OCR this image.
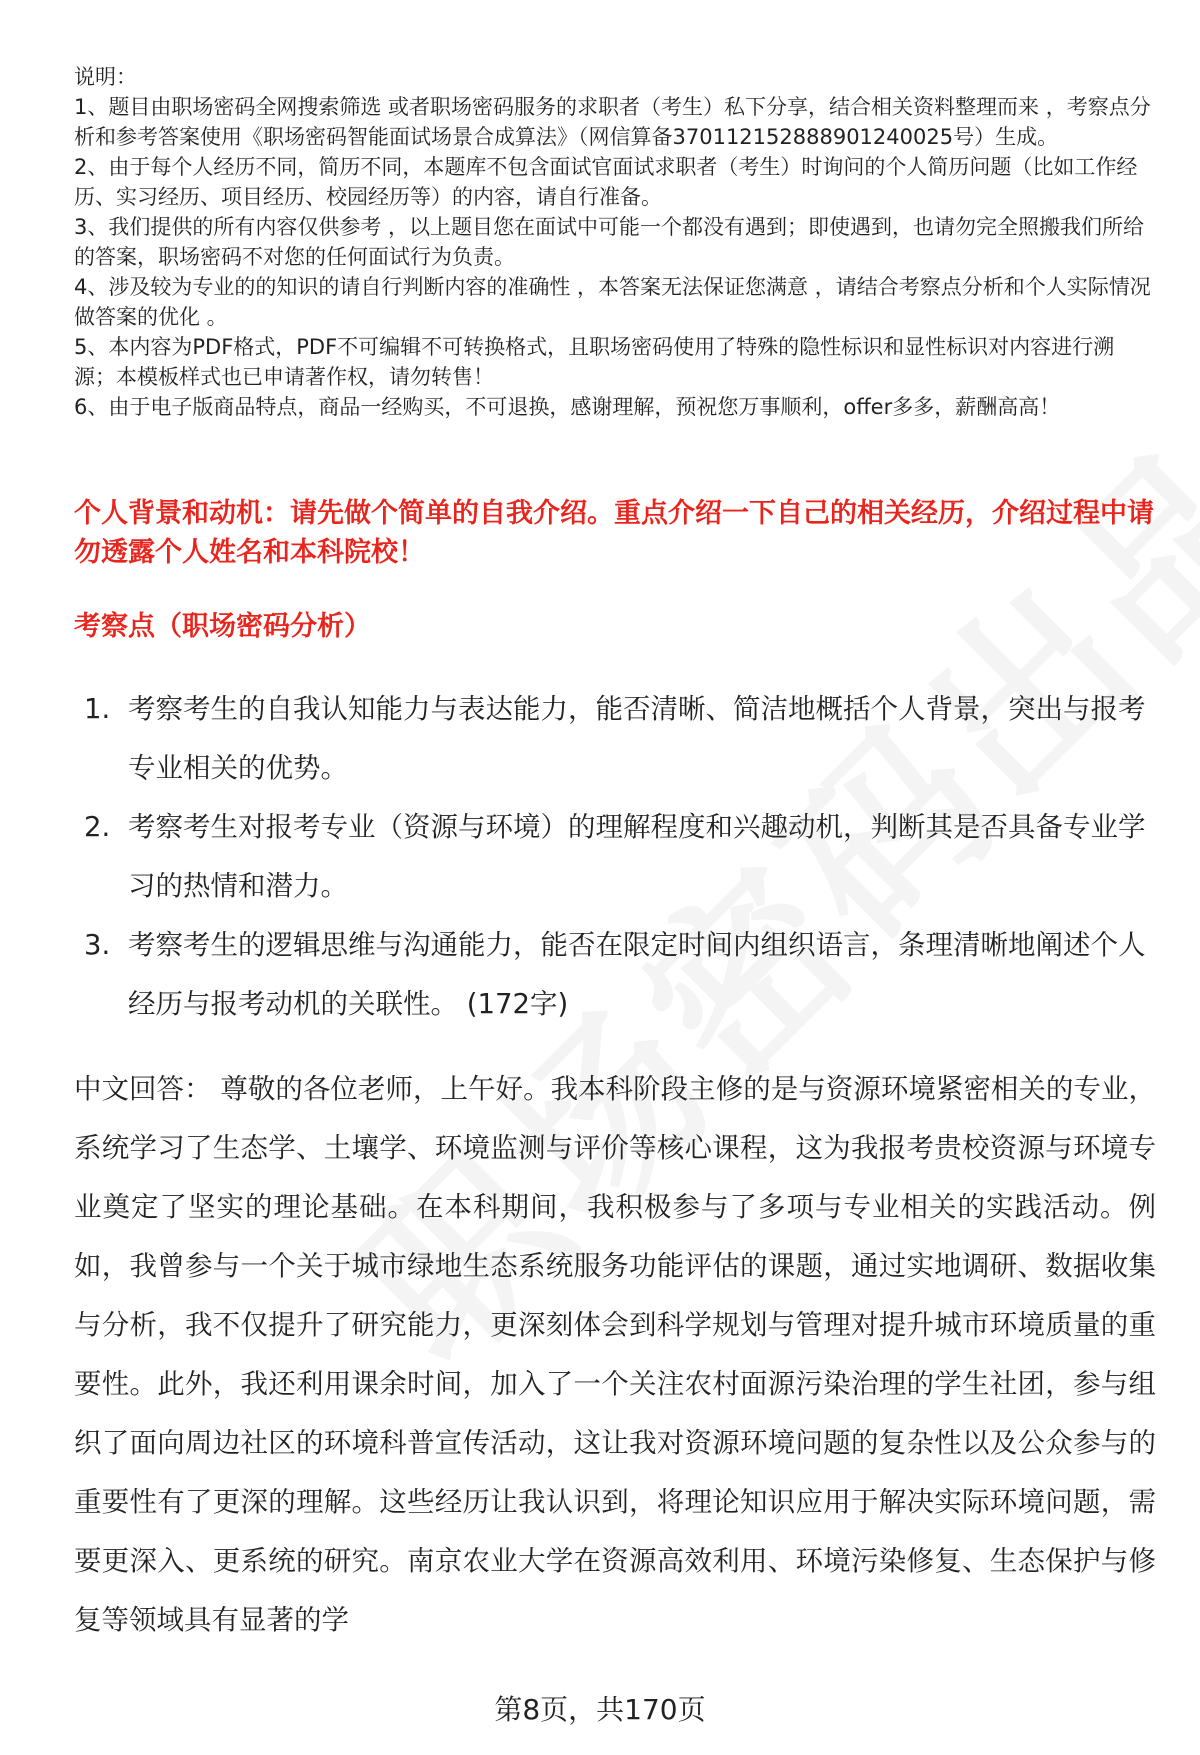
说明：

1、题目由职场密码全网搜索筛选 或者职场密码服务的求职者（考生）私下分享，结合相关资料整理而来 ，考察点分析和参考答案使用《职场密码智能面试场景合成算法》（网信算备370112152888901240025号）生成。

2、由于每个人经历不同，简历不同，本题库不包含面试官面试求职者（考生）时询问的个人简历问题（比如工作经历、实习经历、项目经历、校园经历等）的内容，请自行准备。

3、我们提供的所有内容仅供参考 ，以上题目您在面试中可能一个都没有遇到；即使遇到，也请勿完全照搬我们所给的答案，职场密码不对您的任何面试行为负责。

4、涉及较为专业的的知识的请自行判断内容的准确性 ，本答案无法保证您满意 ，请结合考察点分析和个人实际情况做答案的优化 。

5、本内容为PDF格式，PDF不可编辑不可转换格式，且职场密码使用了特殊的隐性标识和显性标识对内容进行溯源；本模板样式也已申请著作权，请勿转售！

6、由于电子版商品特点，商品一经购买，不可退换，感谢理解，预祝您万事顺利，offer多多，薪酬高高！

个人背景和动机：请先做个简单的自我介绍。重点介绍一下自己的相关经历，介绍过程中请勿透露个人姓名和本科院校！
考察点（职场密码分析）
1. 考察考生的自我认知能力与表达能力，能否清晰、简洁地概括个人背景，突出与报考专业相关的优势。
2. 考察考生对报考专业（资源与环境）的理解程度和兴趣动机，判断其是否具备专业学习的热情和潜力。
3. 考察考生的逻辑思维与沟通能力，能否在限定时间内组织语言，条理清晰地阐述个人经历与报考动机的关联性。 (172字)

中文回答： 尊敬的各位老师，上午好。我本科阶段主修的是与资源环境紧密相关的专业，系统学习了生态学、土壤学、环境监测与评价等核心课程，这为我报考贵校资源与环境专业奠定了坚实的理论基础。在本科期间，我积极参与了多项与专业相关的实践活动。例如，我曾参与一个关于城市绿地生态系统服务功能评估的课题，通过实地调研、数据收集与分析，我不仅提升了研究能力，更深刻体会到科学规划与管理对提升城市环境质量的重要性。此外，我还利用课余时间，加入了一个关注农村面源污染治理的学生社团，参与组织了面向周边社区的环境科普宣传活动，这让我对资源环境问题的复杂性以及公众参与的重要性有了更深的理解。这些经历让我认识到，将理论知识应用于解决实际环境问题，需要更深入、更系统的研究。南京农业大学在资源高效利用、环境污染修复、生态保护与修复等领域具有显著的学

第8页，共170页
